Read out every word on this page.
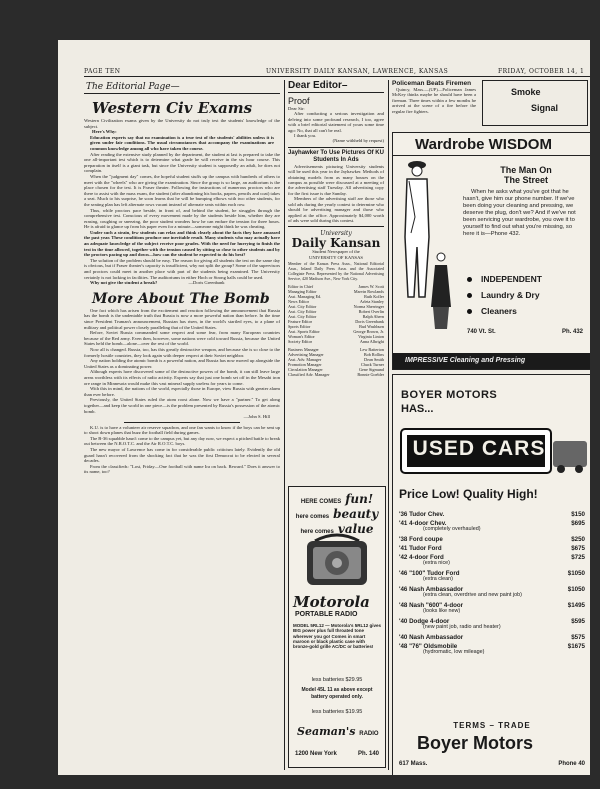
PAGE TEN	UNIVERSITY DAILY KANSAN, LAWRENCE, KANSAS	FRIDAY, OCTOBER 14, 1
The Editorial Page—
Western Civ Exams
Western Civilization exams given by the University do not truly test the students' knowledge of the subject.
Here's Why:
Education experts say that no examination is a true test of the students' abilities unless it is given under fair conditions. The usual circumstances that accompany the examinations are common knowledge among all who have taken the course.
After reading the extensive study planned by the department, the student at last is prepared to take the one all-important test which is to determine what grade he will receive in the six hour course. This preparation in itself is a giant task, but since the University student is supposedly an adult, he does not complain.
When the "judgment day" comes, the hopeful student stuffs up the campus with hundreds of others to meet with the "wheels" who are giving the examination. Since the group is so large, an auditorium is the place chosen for the test. It is Fraser theater. Following the instructions of numerous proctors who are there to assist with the mass exam, the student (after abandoning his books, papers, pencils and coat) takes a seat. Much to his surprise, he soon learns that he will be bumping elbows with two other students, for the seating plan has left alternate rows vacant instead of alternate seats within each row.
Thus, while proctors pace beside, in front of, and behind the student, he struggles through the comprehensive test. Conscious of every movement made by the students beside him, whether they are erasing, coughing or sneezing, the poor student wonders how he can endure the tension for three hours. He is afraid to glance up from his paper even for a minute—someone might think he was cheating.
Under such a strain, few students can relax and think clearly about the facts they have amassed the past year. These conditions produce one inevitable result. Many students who may actually have an adequate knowledge of the subject receive poor grades. With the need for hurrying to finish the test in the time allowed, together with the tension caused by sitting so close to other students and by the proctors pacing up and down—how can the student be expected to do his best?
The solution of the problem should be easy. The reason for giving all students the test on the same day is obvious, but if Fraser theater's capacity is insufficient, why not split the group? Some of the supervisors and proctors could meet in another place with part of the students being examined. The University certainly is not lacking in facilities. The auditoriums in either Hoch or Strong halls could be used.
Why not give the student a break?	—Doris Greenbank
More About The Bomb
One fact which has arisen from the excitement and reaction following the announcement that Russia has the bomb is the undeniable truth that Russia is now a more powerful nation than before. In the time since President Truman's announcement, Russian has risen, in the world's startled eyes, to a plane of military and political power closely paralleling that of the United States.
Before, Soviet Russia commanded some respect and some fear, from many European countries because of the Red army. Even then, however, some nations were cold toward Russia, because the United States held the bomb—alone—over the rest of the world.
Now all is changed. Russia, too, has this greatly destructive weapon, and because she is so close to the formerly hostile countries, they look again with deeper respect at their Soviet neighbor.
Any nation holding the atomic bomb is a powerful nation, and Russia has now moved up alongside the United States as a dominating power.
Although experts have discovered some of the destructive powers of the bomb, it can still leave large areas worthless with its effects of radio activity. Experts say that just one bomb set off in the Mesabi iron ore range in Minnesota would make this vast mineral supply useless for years to come.
With this in mind, the nations of the world, especially those in Europe, view Russia with greater alarm than ever before.
Previously, the United States ruled the atom roost alone. Now we have a "partner." To get along together—and keep the world in one piece—is the problem presented by Russia's possession of the atomic bomb.
—John S. Hill
K.U. is to have a volunteer air reserve squadron, and one fan wants to know if the boys can be sent up to shoot down planes that buzz the football field during games.
The B-36 squabble hasn't come to the campus yet, but any day now, we expect a pitched battle to break out between the N.R.O.T.C. and the Air R.O.T.C. boys.
The new mayor of Lawrence has come in for considerable public criticism lately. Evidently the old guard hasn't recovered from the shocking fact that he was the first Democrat to be elected in several decades.
From the classifieds: "Lost, Friday—One football with name Ira on back. Reward." Does it answer to its name, too?
Dear Editor–
Proof
Dear Sir:
After conducting a serious investigation and delving into some profound research, I too, agree with a brief editorial statement of yours some time ago: No, that all can't be real.
I thank you.
(Name withheld by request)
Jayhawker To Use Pictures Of KU Students In Ads
Advertisements picturing University students will be used this year in the Jayhawker. Methods of obtaining models from as many houses on the campus as possible were discussed at a meeting of the advertising staff Tuesday. All advertising copy for the first issue is due Sunday.
Members of the advertising staff are those who sold ads during the yearly contest to determine who should be advertising manager and those who applied at the office. Approximately $4,000 worth of ads were sold during this contest.
University
Daily Kansan
Student Newspaper of the
UNIVERSITY OF KANSAS
Member of the Kansas Press Assn., National Editorial Assn., Inland Daily Press Assn. and the Associated Collegiate Press. Represented by the National Advertising Service, 420 Madison Ave., New York City.
Editor in Chief	James W. Scott
Managing Editor	Marvin Rowlands
Asst. Managing Ed.	Ruth Koller
News Editor	Arleta Stanley
Asst. City Editor	Norma Sherringer
Asst. City Editor	Robert Overlin
Asst. City Editor	Ralph Ahern
Feature Editor	Doris Greenbank
Sports Editor	Bud Washburn
Asst. Sports Editor	George Brown, Jr.
Woman's Editor	Virginia Linton
Society Editor	Anna Albright
Business Manager	Lew Batterton
Advertising Manager	Bob Rollins
Asst. Adv. Manager	Dean Smith
Promotion Manager	Chuck Turner
Circulation Manager	Gene Sigmund
Classified Adv. Manager	Bonnie Goebler
HERE COMES fun!
here comes beauty
here comes value
Motorola
PORTABLE RADIO
MODEL 5RL12 — Motorola's 5RL12 gives BIG power plus full throated tone wherever you go! Comes in smart maroon or black plastic case with bronze-gold grille AC/DC or batteries!
less batteries $29.95
Model 45L 11 as above except battery operated only.
less batteries $19.95
Seaman's RADIO
1200 New York	Ph. 140
Policeman Beats Firemen
Quincy, Mass.—(UP)—Policeman James McKey thinks maybe he should have been a fireman. Three times within a few months he arrived at the scene of a fire before the regular fire fighters.
Smoke
Signal
Wardrobe WISDOM
The Man On
The Street
When he asks what you've got that he hasn't, give him our phone number. If we've been doing your cleaning and pressing, we deserve the plug, don't we? And if we've not been servicing your wardrobe, you owe it to yourself to find out what you're missing, so here it is—Phone 432.
INDEPENDENT
Laundry & Dry
Cleaners
740 Vt. St.	Ph. 432
IMPRESSIVE Cleaning and Pressing
BOYER MOTORS
HAS...
USED CARS
Price Low! Quality High!
'36 Tudor Chev.	$150
'41 4-door Chev.	$695
(completely overhauled)
'38 Ford coupe	$250
'41 Tudor Ford	$675
'42 4-door Ford	$725
(extra nice)
'46 "100" Tudor Ford	$1050
(extra clean)
'46 Nash Ambassador	$1050
(extra clean, overdrive and new paint job)
'48 Nash "600" 4-door	$1495
(looks like new)
'40 Dodge 4-door	$595
(new paint job, radio and heater)
'40 Nash Ambassador	$575
'48 "76" Oldsmobile	$1675
(hydromatic, low mileage)
TERMS – TRADE
Boyer Motors
617 Mass.	Phone 40
